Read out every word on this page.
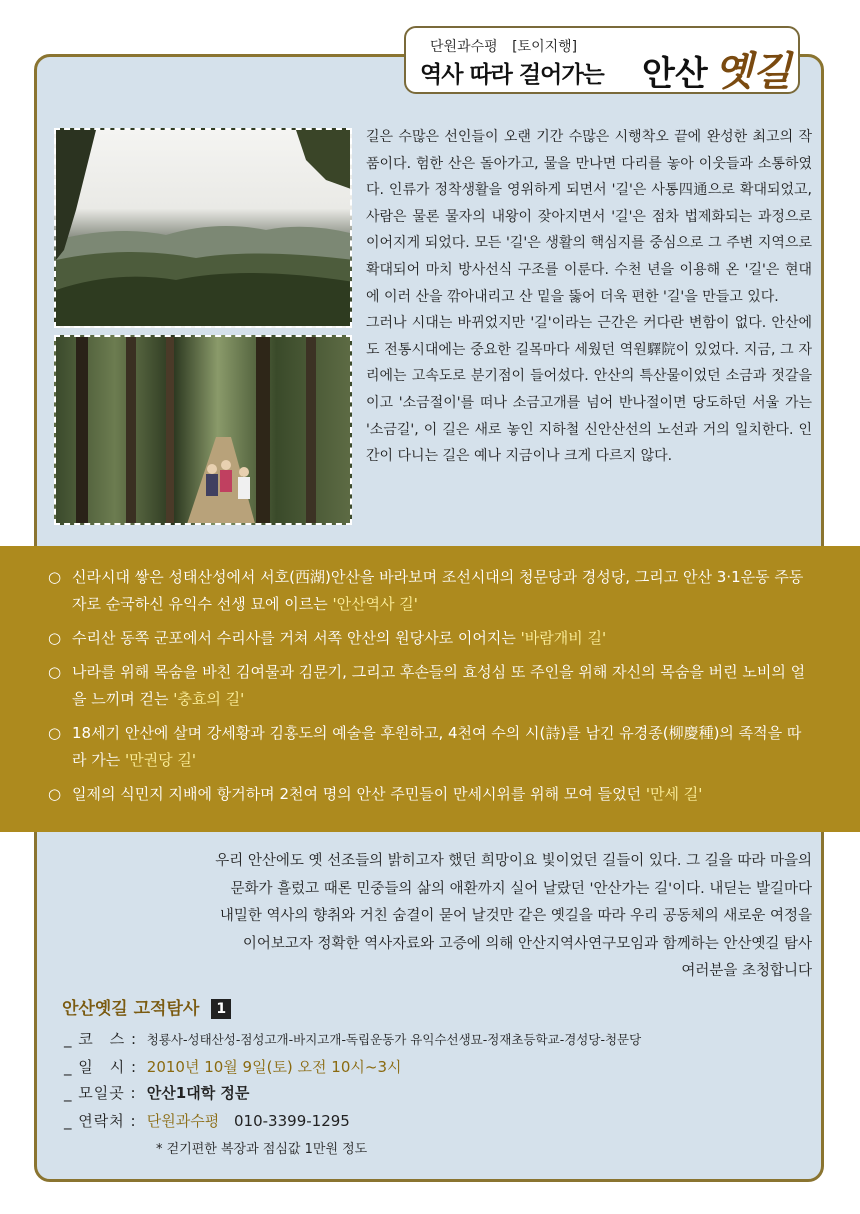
단원과수평 [토이지행]
역사 따라 걸어가는 안산 옛길

길은 수많은 선인들이 오랜 기간 수많은 시행착오 끝에 완성한 최고의 작품이다. 험한 산은 돌아가고, 물을 만나면 다리를 놓아 이웃들과 소통하였다. 인류가 정착생활을 영위하게 되면서 '길'은 사통四通으로 확대되었고, 사람은 물론 물자의 내왕이 잦아지면서 '길'은 점차 법제화되는 과정으로 이어지게 되었다. 모든 '길'은 생활의 핵심지를 중심으로 그 주변 지역으로 확대되어 마치 방사선식 구조를 이룬다. 수천 년을 이용해 온 '길'은 현대에 이러 산을 깎아내리고 산 밑을 뚫어 더욱 편한 '길'을 만들고 있다.

그러나 시대는 바뀌었지만 '길'이라는 근간은 커다란 변함이 없다. 안산에도 전통시대에는 중요한 길목마다 세웠던 역원驛院이 있었다. 지금, 그 자리에는 고속도로 분기점이 들어섰다. 안산의 특산물이었던 소금과 젓갈을 이고 '소금절이'를 떠나 소금고개를 넘어 반나절이면 당도하던 서울 가는 '소금길', 이 길은 새로 놓인 지하철 신안산선의 노선과 거의 일치한다. 인간이 다니는 길은 예나 지금이나 크게 다르지 않다.

○ 신라시대 쌓은 성태산성에서 서호(西湖)안산을 바라보며 조선시대의 청문당과 경성당, 그리고 안산 3·1운동 주동자로 순국하신 유익수 선생 묘에 이르는 '안산역사 길'
○ 수리산 동쪽 군포에서 수리사를 거쳐 서쪽 안산의 원당사로 이어지는 '바람개비 길'
○ 나라를 위해 목숨을 바친 김여물과 김문기, 그리고 후손들의 효성심 또 주인을 위해 자신의 목숨을 버린 노비의 얼을 느끼며 걷는 '충효의 길'
○ 18세기 안산에 살며 강세황과 김홍도의 예술을 후원하고, 4천여 수의 시(詩)를 남긴 유경종(柳慶種)의 족적을 따라 가는 '만권당 길'
○ 일제의 식민지 지배에 항거하며 2천여 명의 안산 주민들이 만세시위를 위해 모여 들었던 '만세 길'

우리 안산에도 옛 선조들의 밝히고자 했던 희망이요 빛이었던 길들이 있다. 그 길을 따라 마을의

문화가 흘렀고 때론 민중들의 삶의 애환까지 실어 날랐던 '안산가는 길'이다. 내딛는 발길마다

내밀한 역사의 향취와 거친 숨결이 묻어 날것만 같은 옛길을 따라 우리 공동체의 새로운 여정을

이어보고자 정확한 역사자료와 고증에 의해 안산지역사연구모임과 함께하는 안산옛길 탐사

여러분을 초청합니다

안산옛길 고적탐사 1
_ 코　스 : 청룡사-성태산성-점성고개-바지고개-독립운동가 유익수선생묘-정재초등학교-경성당-청문당
_ 일　시 : 2010년 10월 9일(토) 오전 10시~3시
_ 모일곳 : 안산1대학 정문
_ 연락처 : 단원과수평 010-3399-1295
* 걷기편한 복장과 점심값 1만원 정도
